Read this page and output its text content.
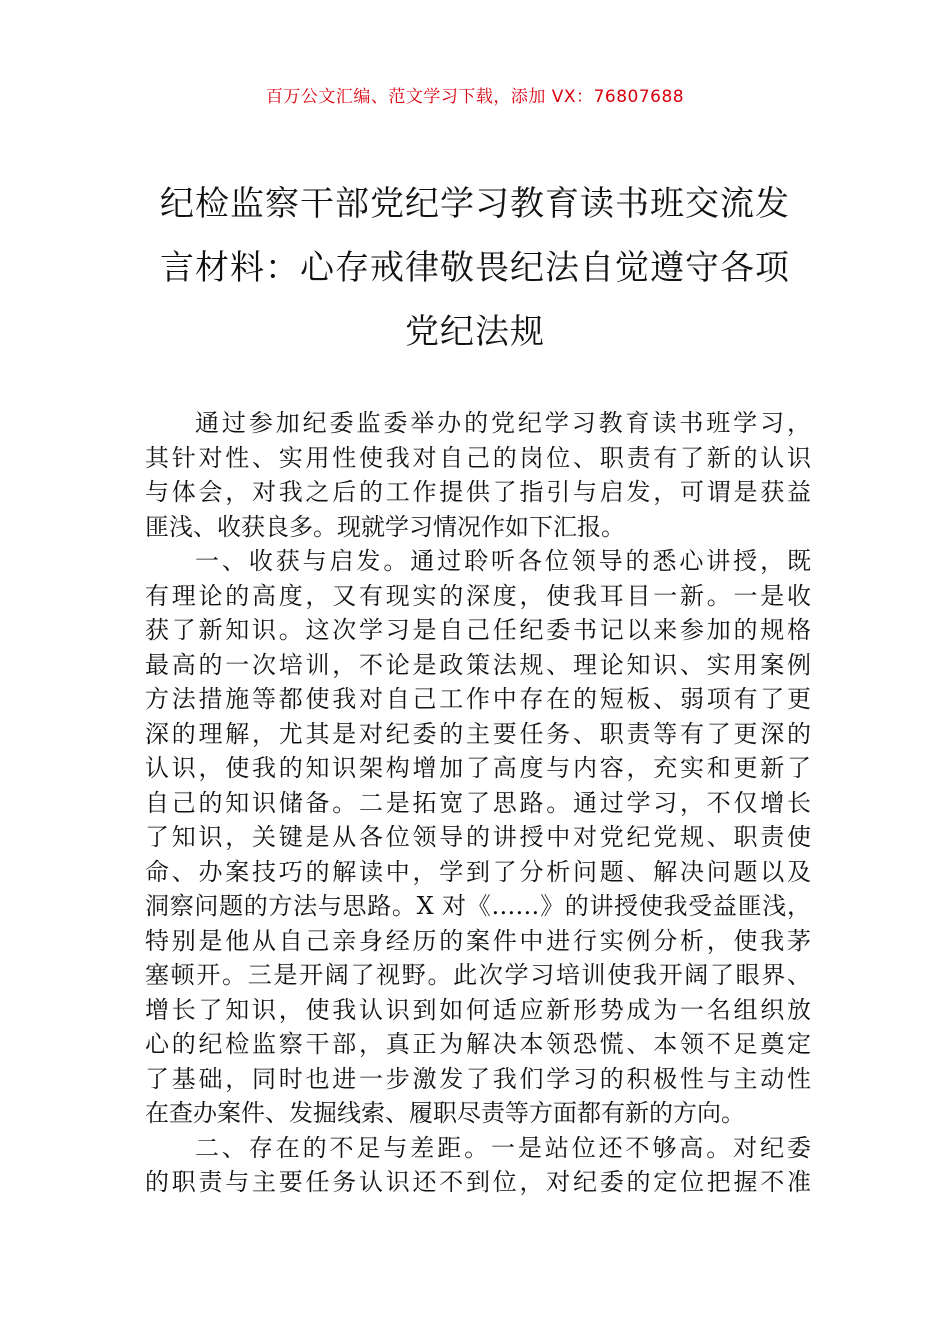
百万公文汇编、范文学习下载，添加 VX：76807688
纪检监察干部党纪学习教育读书班交流发
言材料：心存戒律敬畏纪法自觉遵守各项
党纪法规
通过参加纪委监委举办的党纪学习教育读书班学习，
其针对性、实用性使我对自己的岗位、职责有了新的认识
与体会，对我之后的工作提供了指引与启发，可谓是获益
匪浅、收获良多。现就学习情况作如下汇报。
一、收获与启发。通过聆听各位领导的悉心讲授，既
有理论的高度，又有现实的深度，使我耳目一新。一是收
获了新知识。这次学习是自己任纪委书记以来参加的规格
最高的一次培训，不论是政策法规、理论知识、实用案例
方法措施等都使我对自己工作中存在的短板、弱项有了更
深的理解，尤其是对纪委的主要任务、职责等有了更深的
认识，使我的知识架构增加了高度与内容，充实和更新了
自己的知识储备。二是拓宽了思路。通过学习，不仅增长
了知识，关键是从各位领导的讲授中对党纪党规、职责使
命、办案技巧的解读中，学到了分析问题、解决问题以及
洞察问题的方法与思路。X 对《……》的讲授使我受益匪浅，
特别是他从自己亲身经历的案件中进行实例分析，使我茅
塞顿开。三是开阔了视野。此次学习培训使我开阔了眼界、
增长了知识，使我认识到如何适应新形势成为一名组织放
心的纪检监察干部，真正为解决本领恐慌、本领不足奠定
了基础，同时也进一步激发了我们学习的积极性与主动性
在查办案件、发掘线索、履职尽责等方面都有新的方向。
二、存在的不足与差距。一是站位还不够高。对纪委
的职责与主要任务认识还不到位，对纪委的定位把握不准
